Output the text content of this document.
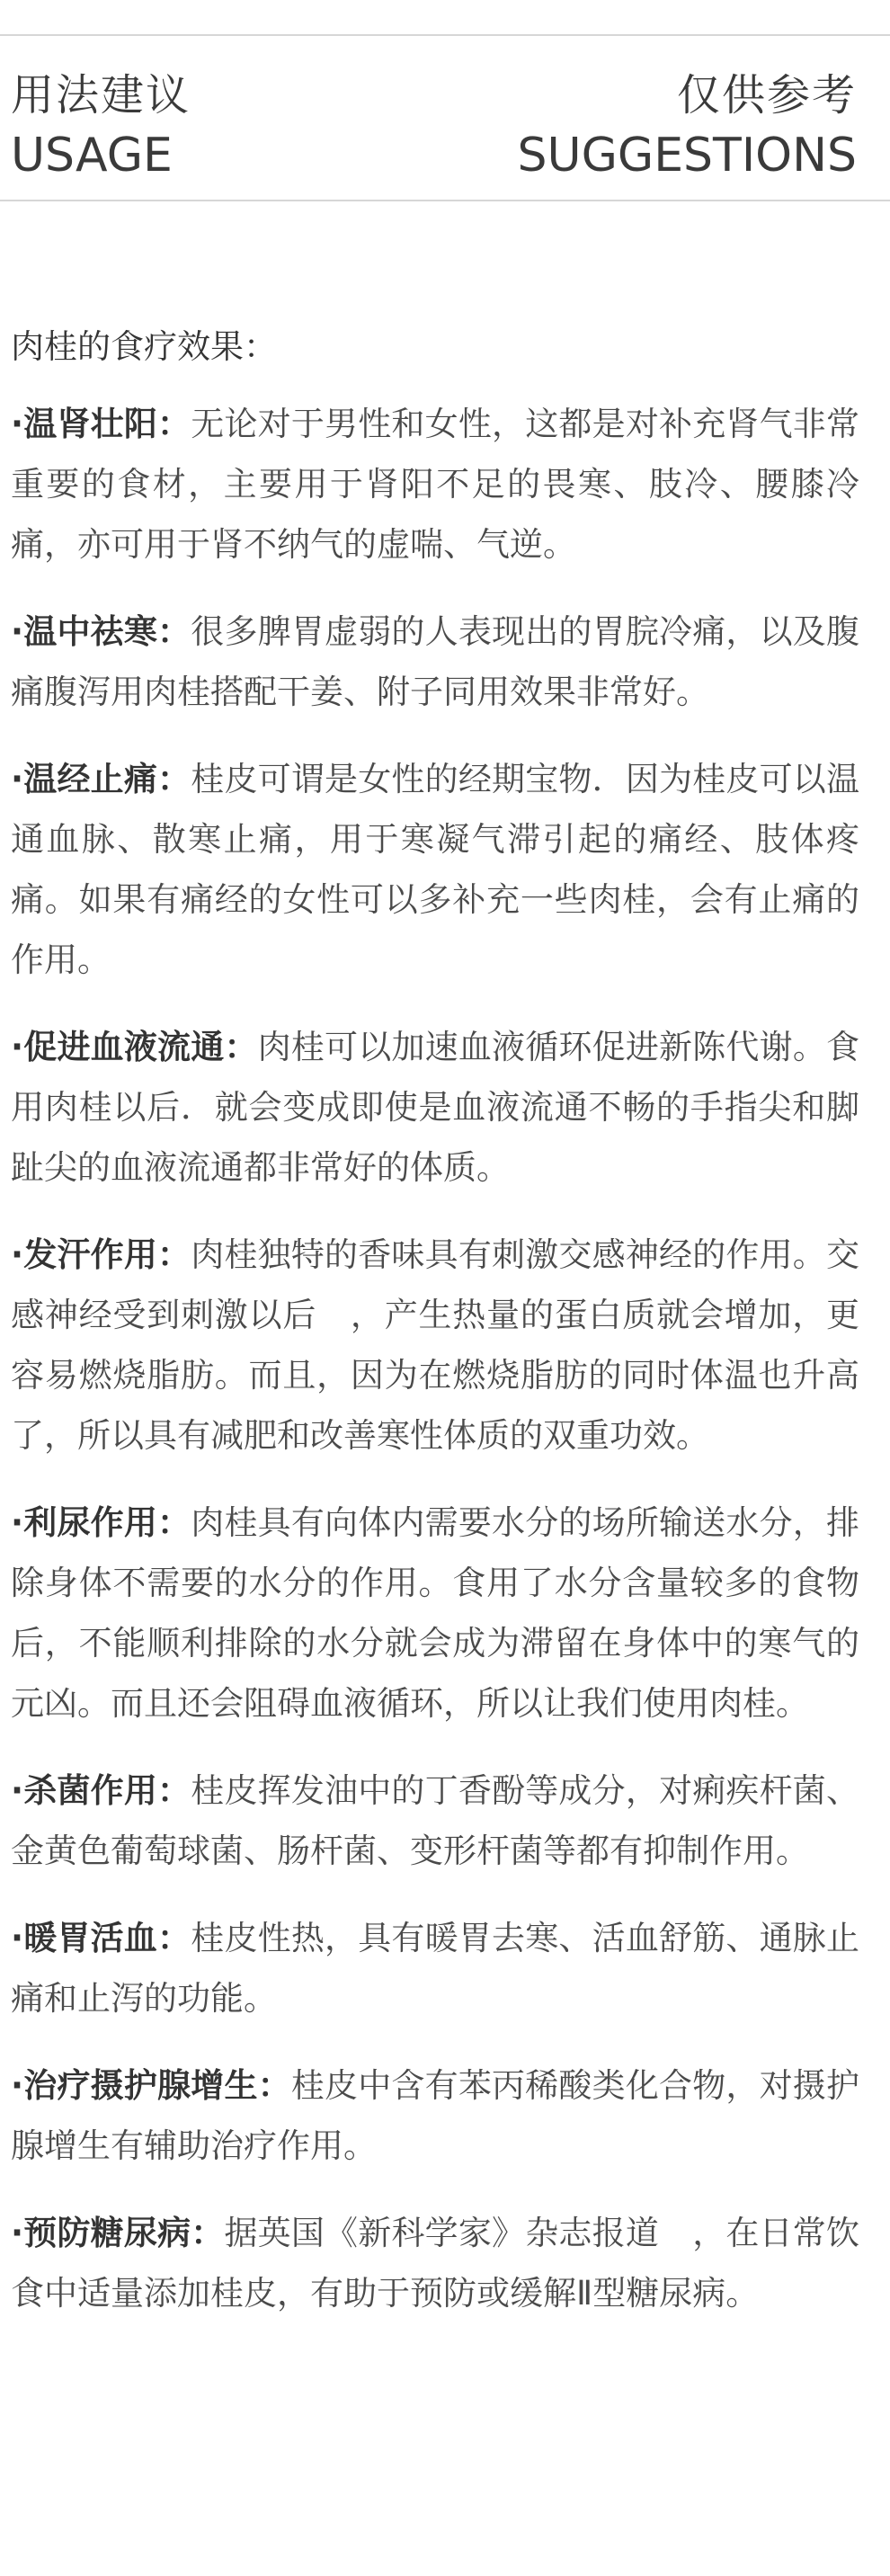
用法建议
USAGE
仅供参考
SUGGESTIONS

肉桂的食疗效果：

·温肾壮阳：无论对于男性和女性，这都是对补充肾气非常重要的食材，主要用于肾阳不足的畏寒、肢冷、腰膝冷痛，亦可用于肾不纳气的虚喘、气逆。

·温中祛寒：很多脾胃虚弱的人表现出的胃脘冷痛，以及腹痛腹泻用肉桂搭配干姜、附子同用效果非常好。

·温经止痛：桂皮可谓是女性的经期宝物．因为桂皮可以温通血脉、散寒止痛，用于寒凝气滞引起的痛经、肢体疼痛。如果有痛经的女性可以多补充一些肉桂，会有止痛的作用。

·促进血液流通：肉桂可以加速血液循环促进新陈代谢。食用肉桂以后．就会变成即使是血液流通不畅的手指尖和脚趾尖的血液流通都非常好的体质。

·发汗作用：肉桂独特的香味具有刺激交感神经的作用。交感神经受到刺激以后　，产生热量的蛋白质就会增加，更容易燃烧脂肪。而且，因为在燃烧脂肪的同时体温也升高了，所以具有减肥和改善寒性体质的双重功效。

·利尿作用：肉桂具有向体内需要水分的场所输送水分，排除身体不需要的水分的作用。食用了水分含量较多的食物后，不能顺利排除的水分就会成为滞留在身体中的寒气的元凶。而且还会阻碍血液循环，所以让我们使用肉桂。

·杀菌作用：桂皮挥发油中的丁香酚等成分，对痢疾杆菌、金黄色葡萄球菌、肠杆菌、变形杆菌等都有抑制作用。

·暖胃活血：桂皮性热，具有暖胃去寒、活血舒筋、通脉止痛和止泻的功能。

·治疗摄护腺增生：桂皮中含有苯丙稀酸类化合物，对摄护腺增生有辅助治疗作用。

·预防糖尿病：据英国《新科学家》杂志报道　，在日常饮食中适量添加桂皮，有助于预防或缓解Ⅱ型糖尿病。
